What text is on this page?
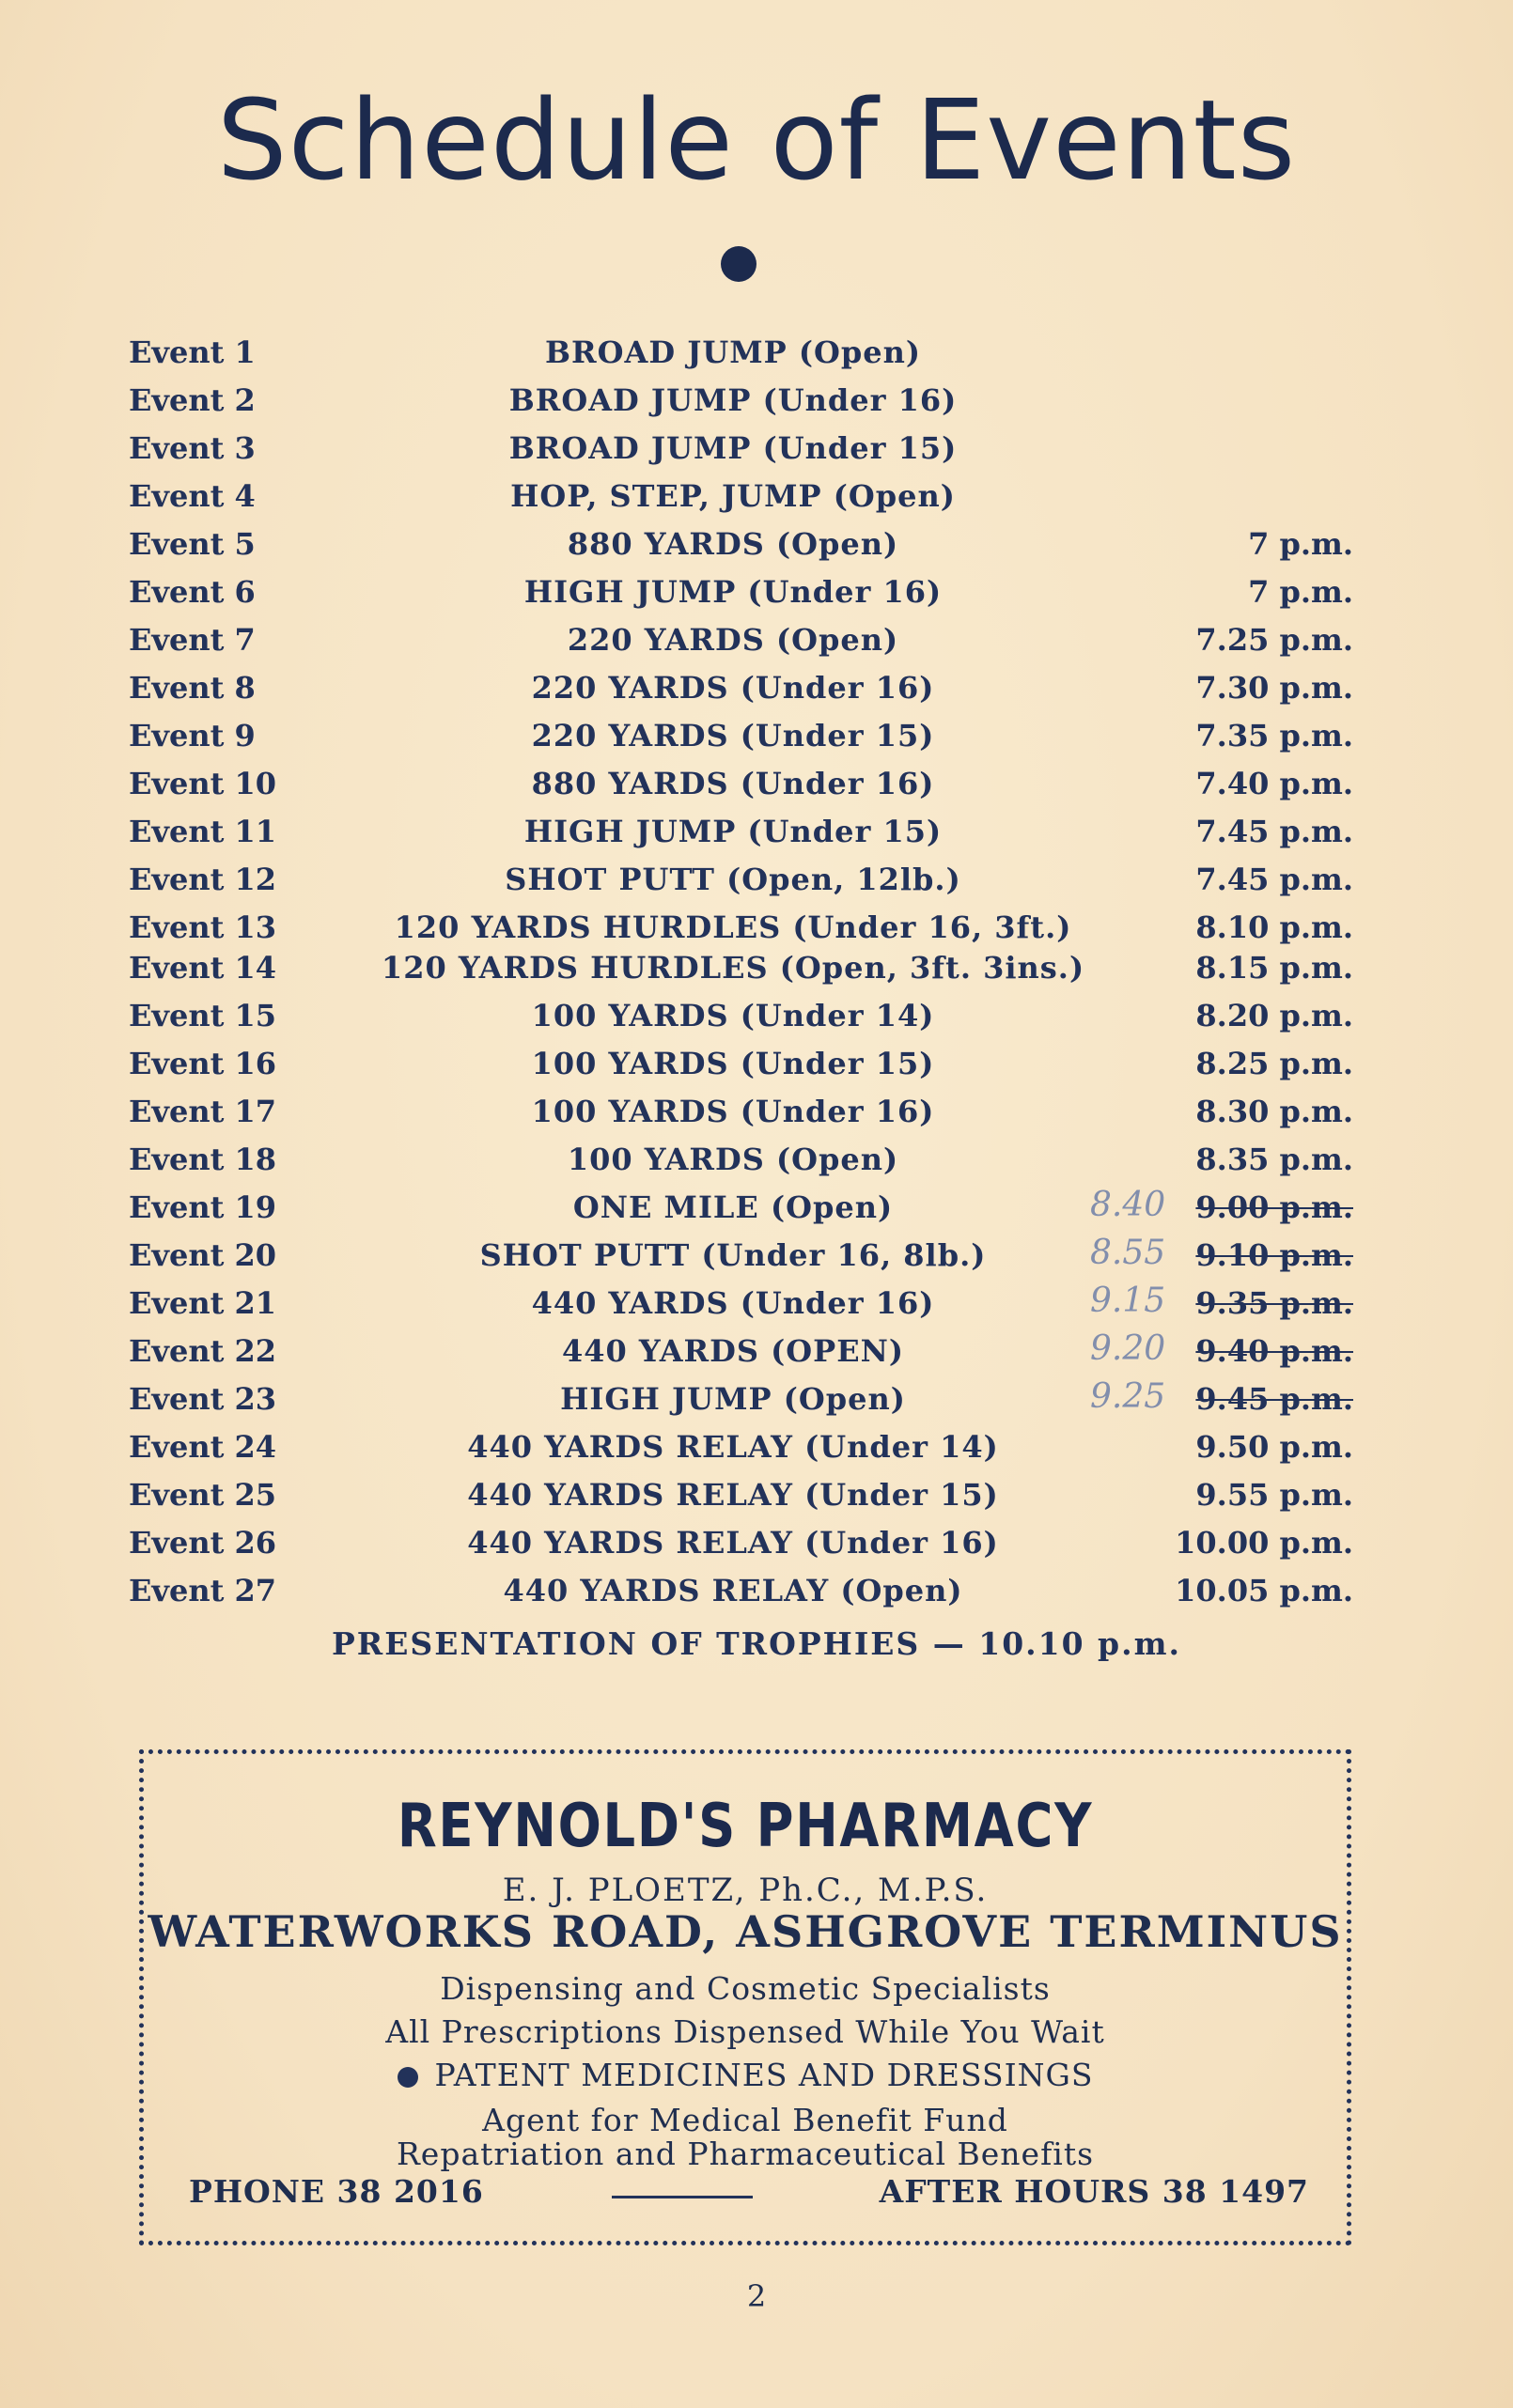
Schedule of Events
Event 1	BROAD JUMP (Open)
Event 2	BROAD JUMP (Under 16)
Event 3	BROAD JUMP (Under 15)
Event 4	HOP, STEP, JUMP (Open)
Event 5	880 YARDS (Open)	7 p.m.
Event 6	HIGH JUMP (Under 16)	7 p.m.
Event 7	220 YARDS (Open)	7.25 p.m.
Event 8	220 YARDS (Under 16)	7.30 p.m.
Event 9	220 YARDS (Under 15)	7.35 p.m.
Event 10	880 YARDS (Under 16)	7.40 p.m.
Event 11	HIGH JUMP (Under 15)	7.45 p.m.
Event 12	SHOT PUTT (Open, 12lb.)	7.45 p.m.
Event 13	120 YARDS HURDLES (Under 16, 3ft.)	8.10 p.m.
Event 14	120 YARDS HURDLES (Open, 3ft. 3ins.)	8.15 p.m.
Event 15	100 YARDS (Under 14)	8.20 p.m.
Event 16	100 YARDS (Under 15)	8.25 p.m.
Event 17	100 YARDS (Under 16)	8.30 p.m.
Event 18	100 YARDS (Open)	8.35 p.m.
Event 19	ONE MILE (Open)	8.40 9.00 p.m.
Event 20	SHOT PUTT (Under 16, 8lb.)	8.55 9.10 p.m.
Event 21	440 YARDS (Under 16)	9.15 9.35 p.m.
Event 22	440 YARDS (OPEN)	9.20 9.40 p.m.
Event 23	HIGH JUMP (Open)	9.25 9.45 p.m.
Event 24	440 YARDS RELAY (Under 14)	9.50 p.m.
Event 25	440 YARDS RELAY (Under 15)	9.55 p.m.
Event 26	440 YARDS RELAY (Under 16)	10.00 p.m.
Event 27	440 YARDS RELAY (Open)	10.05 p.m.
PRESENTATION OF TROPHIES — 10.10 p.m.
REYNOLD'S PHARMACY
E. J. PLOETZ, Ph.C., M.P.S.
WATERWORKS ROAD, ASHGROVE TERMINUS
Dispensing and Cosmetic Specialists
All Prescriptions Dispensed While You Wait
PATENT MEDICINES AND DRESSINGS
Agent for Medical Benefit Fund
Repatriation and Pharmaceutical Benefits
PHONE 38 2016	AFTER HOURS 38 1497
2
